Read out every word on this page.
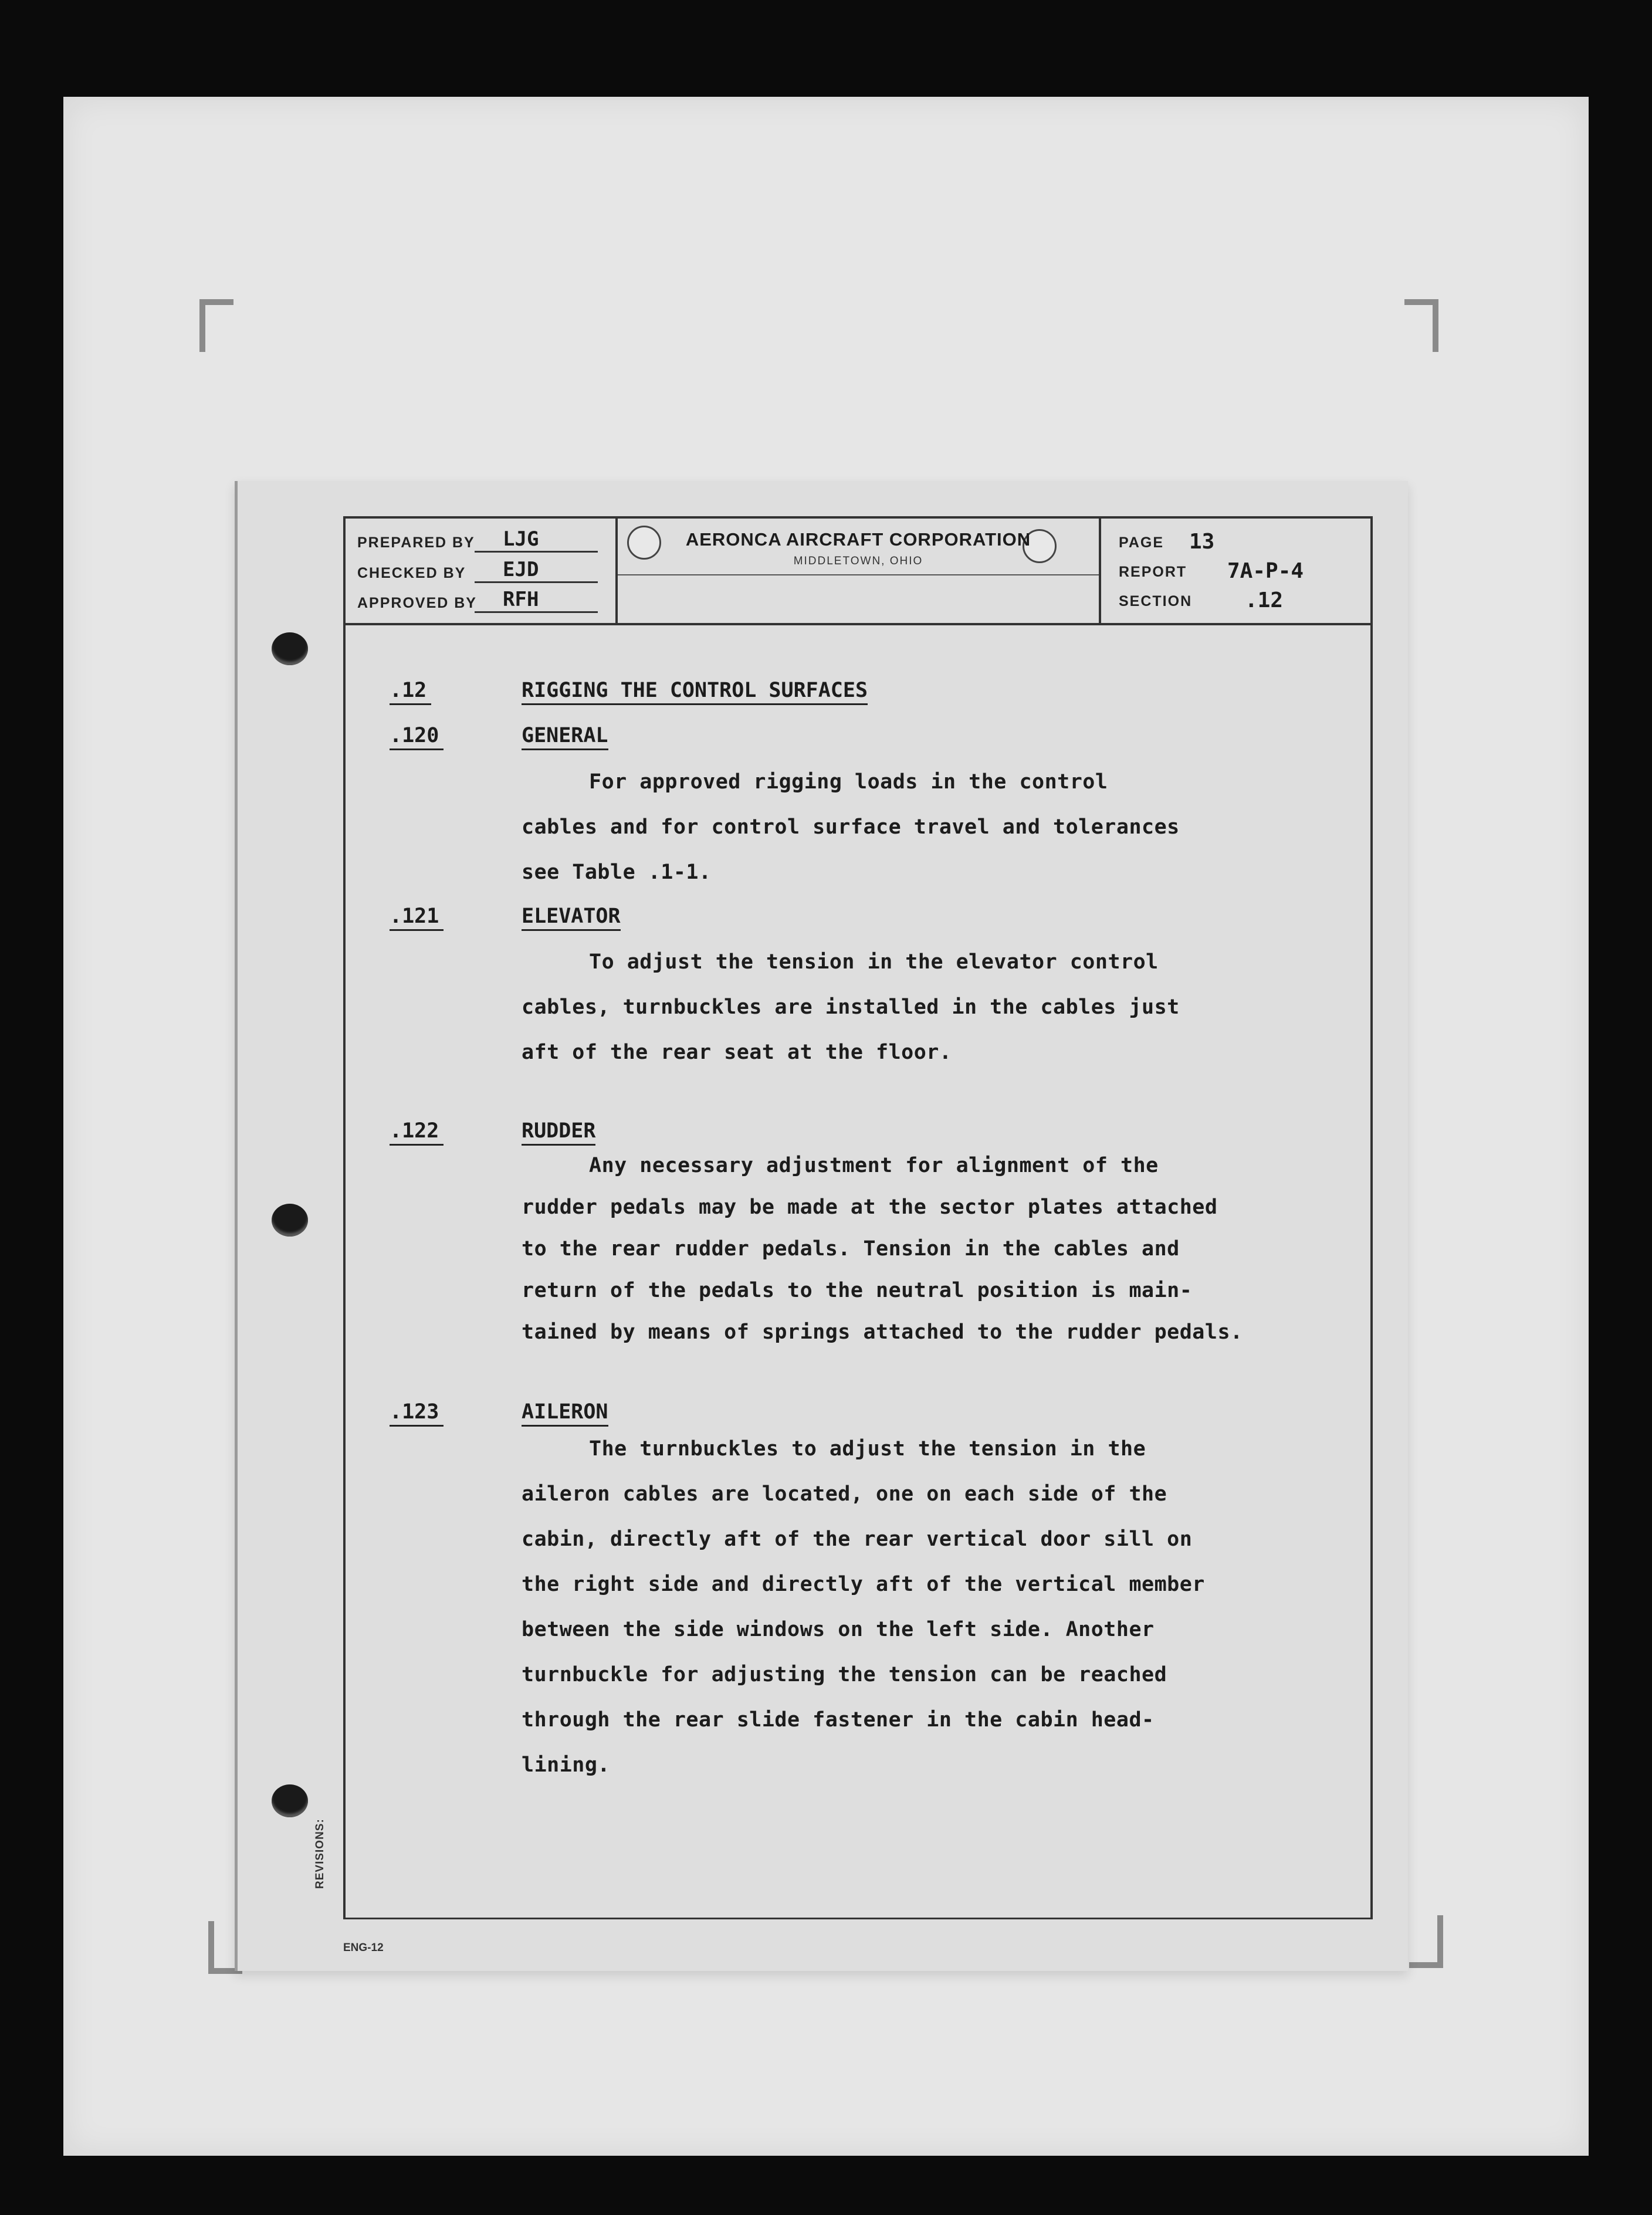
REVISIONS:
PREPARED BY	LJG
CHECKED BY	EJD
APPROVED BY	RFH
AERONCA AIRCRAFT CORPORATION
MIDDLETOWN, OHIO
PAGE 13
REPORT 7A-P-4
SECTION .12
.12	RIGGING THE CONTROL SURFACES
.120	GENERAL
For approved rigging loads in the control
cables and for control surface travel and tolerances
see Table .1-1.
.121	ELEVATOR
To adjust the tension in the elevator control
cables, turnbuckles are installed in the cables just
aft of the rear seat at the floor.
.122	RUDDER
Any necessary adjustment for alignment of the
rudder pedals may be made at the sector plates attached
to the rear rudder pedals. Tension in the cables and
return of the pedals to the neutral position is main-
tained by means of springs attached to the rudder pedals.
.123	AILERON
The turnbuckles to adjust the tension in the
aileron cables are located, one on each side of the
cabin, directly aft of the rear vertical door sill on
the right side and directly aft of the vertical member
between the side windows on the left side. Another
turnbuckle for adjusting the tension can be reached
through the rear slide fastener in the cabin head-
lining.
ENG-12
